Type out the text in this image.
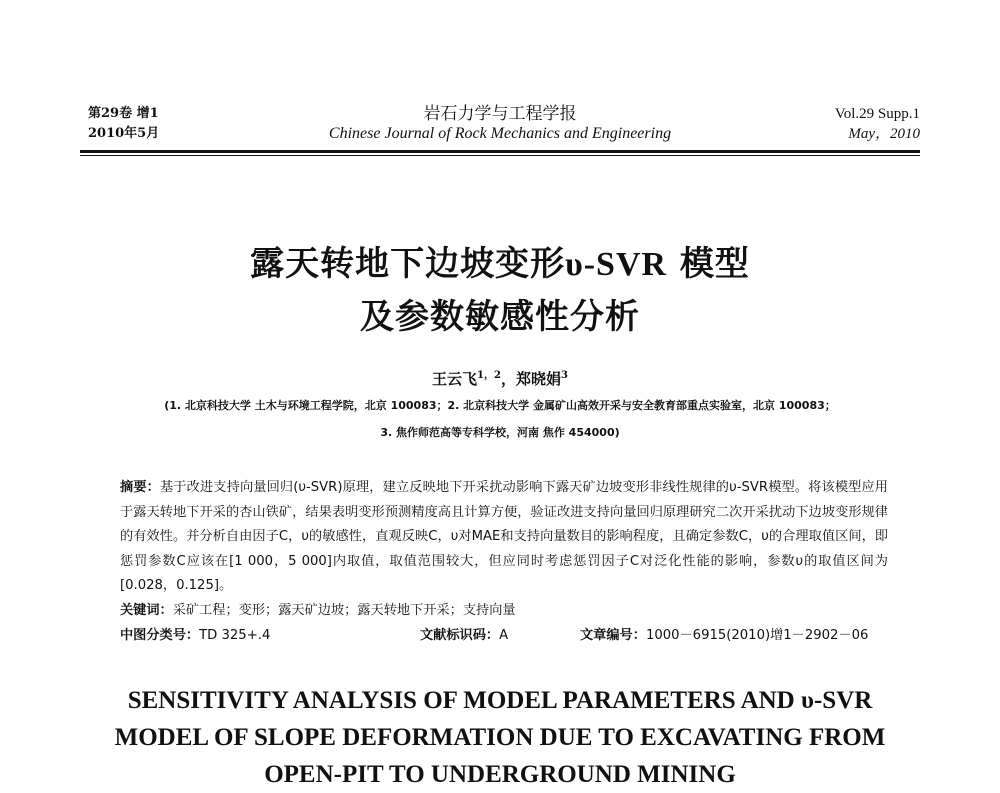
第29卷 增1
2010年5月
岩石力学与工程学报
Chinese Journal of Rock Mechanics and Engineering
Vol.29 Supp.1
May，2010
露天转地下边坡变形υ-SVR 模型
及参数敏感性分析
王云飞$^{1,2}$，郑晓娟$^3$
(1. 北京科技大学 土木与环境工程学院，北京 100083；2. 北京科技大学 金属矿山高效开采与安全教育部重点实验室，北京 100083；
3. 焦作师范高等专科学校，河南 焦作 454000)
摘要：基于改进支持向量回归(υ-SVR)原理，建立反映地下开采扰动影响下露天矿边坡变形非线性规律的υ-SVR模型。将该模型应用于露天转地下开采的杏山铁矿，结果表明变形预测精度高且计算方便，验证改进支持向量回归原理研究二次开采扰动下边坡变形规律的有效性。并分析自由因子C，υ的敏感性，直观反映C，υ对MAE和支持向量数目的影响程度，且确定参数C，υ的合理取值区间，即惩罚参数C应该在[1 000，5 000]内取值，取值范围较大，但应同时考虑惩罚因子C对泛化性能的影响，参数υ的取值区间为[0.028，0.125]。
关键词：采矿工程；变形；露天矿边坡；露天转地下开采；支持向量
中图分类号：TD 325+.4	文献标识码：A	文章编号：1000－6915(2010)增1－2902－06
SENSITIVITY ANALYSIS OF MODEL PARAMETERS AND υ-SVR
MODEL OF SLOPE DEFORMATION DUE TO EXCAVATING FROM
OPEN-PIT TO UNDERGROUND MINING
